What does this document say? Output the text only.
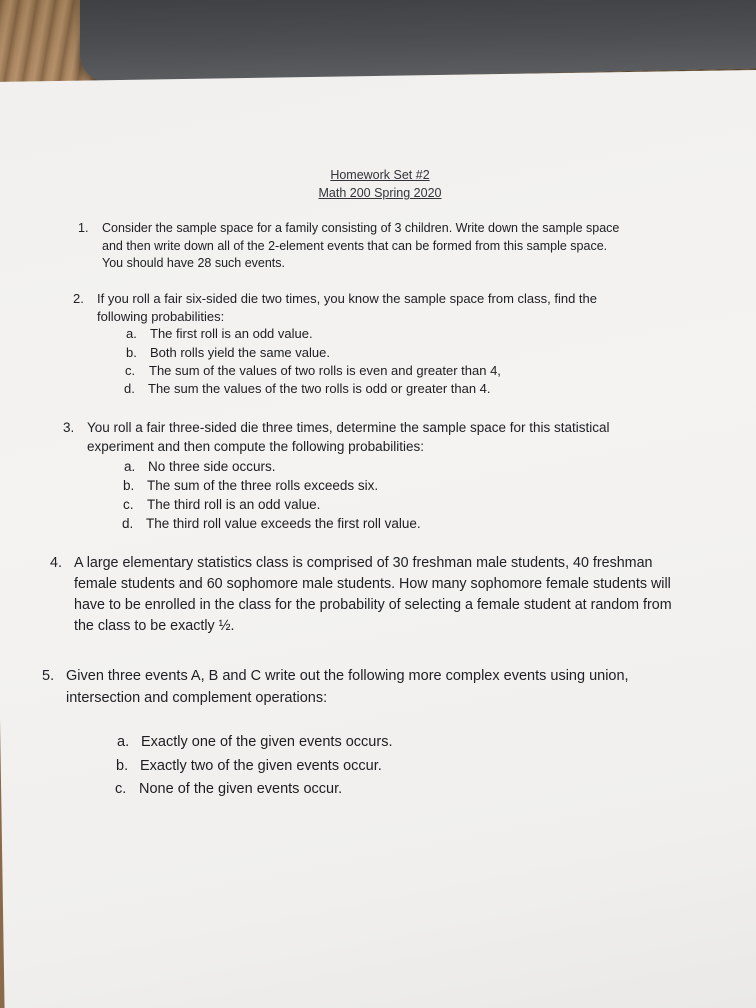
Homework Set #2
Math 200 Spring 2020
1. Consider the sample space for a family consisting of 3 children. Write down the sample space
and then write down all of the 2-element events that can be formed from this sample space.
You should have 28 such events.
2. If you roll a fair six-sided die two times, you know the sample space from class, find the
following probabilities:
a. The first roll is an odd value.
b. Both rolls yield the same value.
c. The sum of the values of two rolls is even and greater than 4,
d. The sum the values of the two rolls is odd or greater than 4.
3. You roll a fair three-sided die three times, determine the sample space for this statistical
experiment and then compute the following probabilities:
a. No three side occurs.
b. The sum of the three rolls exceeds six.
c. The third roll is an odd value.
d. The third roll value exceeds the first roll value.
4. A large elementary statistics class is comprised of 30 freshman male students, 40 freshman
female students and 60 sophomore male students. How many sophomore female students will
have to be enrolled in the class for the probability of selecting a female student at random from
the class to be exactly ½.
5. Given three events A, B and C write out the following more complex events using union,
intersection and complement operations:
a. Exactly one of the given events occurs.
b. Exactly two of the given events occur.
c. None of the given events occur.
